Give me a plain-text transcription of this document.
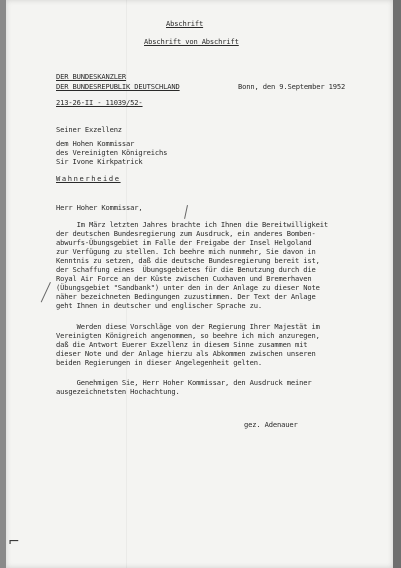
Abschrift
Abschrift von Abschrift
DER BUNDESKANZLER
DER BUNDESREPUBLIK DEUTSCHLAND	Bonn, den 9.September 1952
213-26-II - 11039/52-
Seiner Exzellenz
dem Hohen Kommissar
des Vereinigten Königreichs
Sir Ivone Kirkpatrick
Wahnerheide
Herr Hoher Kommissar,
Im März letzten Jahres brachte ich Ihnen die Bereitwilligkeit
der deutschen Bundesregierung zum Ausdruck, ein anderes Bomben-
abwurfs-Übungsgebiet im Falle der Freigabe der Insel Helgoland
zur Verfügung zu stellen. Ich beehre mich nunmehr, Sie davon in
Kenntnis zu setzen, daß die deutsche Bundesregierung bereit ist,
der Schaffung eines  Übungsgebietes für die Benutzung durch die
Royal Air Force an der Küste zwischen Cuxhaven und Bremerhaven
(Übungsgebiet "Sandbank") unter den in der Anlage zu dieser Note
näher bezeichneten Bedingungen zuzustimmen. Der Text der Anlage
geht Ihnen in deutscher und englischer Sprache zu.
Werden diese Vorschläge von der Regierung Ihrer Majestät im
Vereinigten Königreich angenommen, so beehre ich mich anzuregen,
daß die Antwort Euerer Exzellenz in diesem Sinne zusammen mit
dieser Note und der Anlage hierzu als Abkommen zwischen unseren
beiden Regierungen in dieser Angelegenheit gelten.
Genehmigen Sie, Herr Hoher Kommissar, den Ausdruck meiner
ausgezeichnetsten Hochachtung.
gez. Adenauer
⌐
